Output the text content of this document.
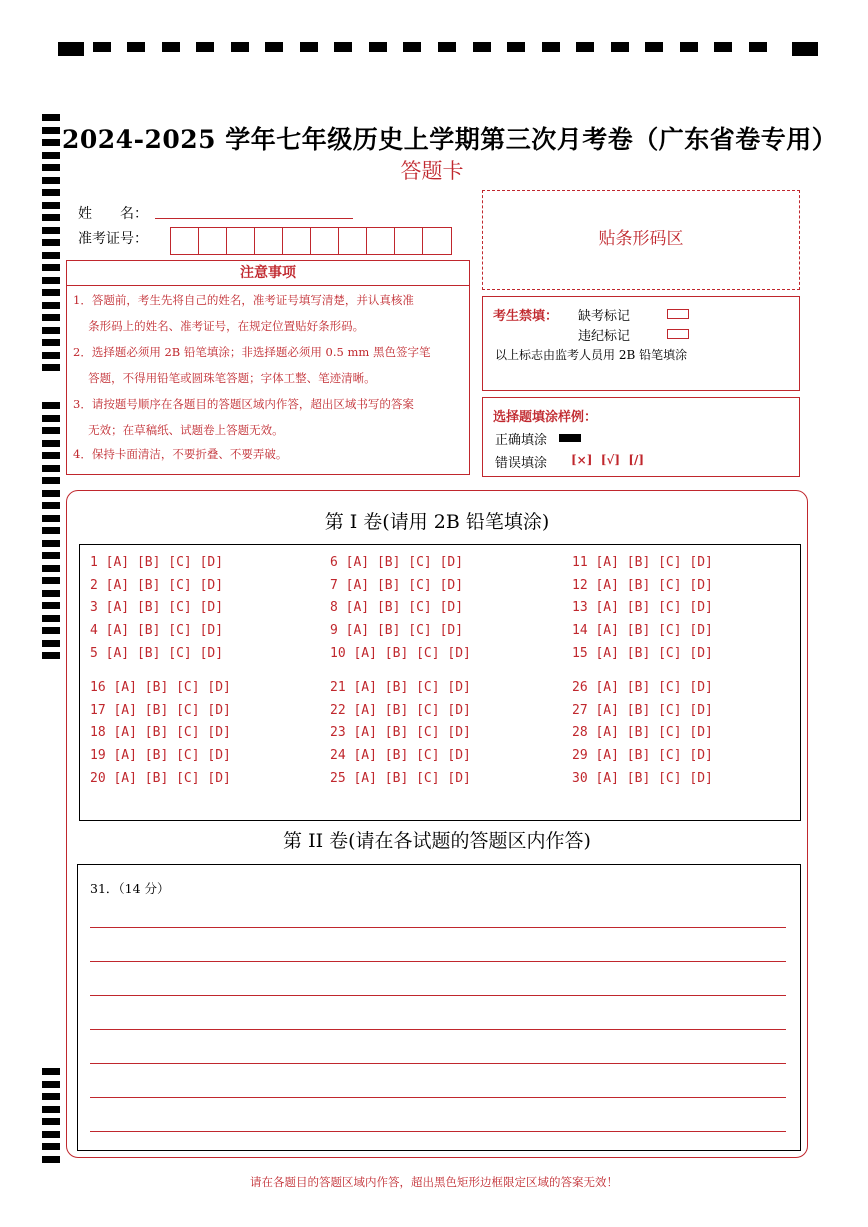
2024-2025 学年七年级历史上学期第三次月考卷（广东省卷专用）
答题卡
姓　　名：
准考证号：
注意事项
1．答题前，考生先将自己的姓名，准考证号填写清楚，并认真核准
　 条形码上的姓名、准考证号，在规定位置贴好条形码。
2．选择题必须用 2B 铅笔填涂；非选择题必须用 0.5 mm 黑色签字笔
　 答题，不得用铅笔或圆珠笔答题；字体工整、笔迹清晰。
3．请按题号顺序在各题目的答题区域内作答，超出区域书写的答案
　 无效；在草稿纸、试题卷上答题无效。
4．保持卡面清洁，不要折叠、不要弄破。
贴条形码区
考生禁填： 缺考标记
违纪标记
以上标志由监考人员用 2B 铅笔填涂
选择题填涂样例：
正确填涂
错误填涂 [×]  [√]  [/]
第 I 卷(请用 2B 铅笔填涂)
1 [A] [B] [C] [D]
2 [A] [B] [C] [D]
3 [A] [B] [C] [D]
4 [A] [B] [C] [D]
5 [A] [B] [C] [D]
6 [A] [B] [C] [D]
7 [A] [B] [C] [D]
8 [A] [B] [C] [D]
9 [A] [B] [C] [D]
10 [A] [B] [C] [D]
11 [A] [B] [C] [D]
12 [A] [B] [C] [D]
13 [A] [B] [C] [D]
14 [A] [B] [C] [D]
15 [A] [B] [C] [D]
16 [A] [B] [C] [D]
17 [A] [B] [C] [D]
18 [A] [B] [C] [D]
19 [A] [B] [C] [D]
20 [A] [B] [C] [D]
21 [A] [B] [C] [D]
22 [A] [B] [C] [D]
23 [A] [B] [C] [D]
24 [A] [B] [C] [D]
25 [A] [B] [C] [D]
26 [A] [B] [C] [D]
27 [A] [B] [C] [D]
28 [A] [B] [C] [D]
29 [A] [B] [C] [D]
30 [A] [B] [C] [D]
第 II 卷(请在各试题的答题区内作答)
31．（14 分）
请在各题目的答题区域内作答，超出黑色矩形边框限定区域的答案无效！
